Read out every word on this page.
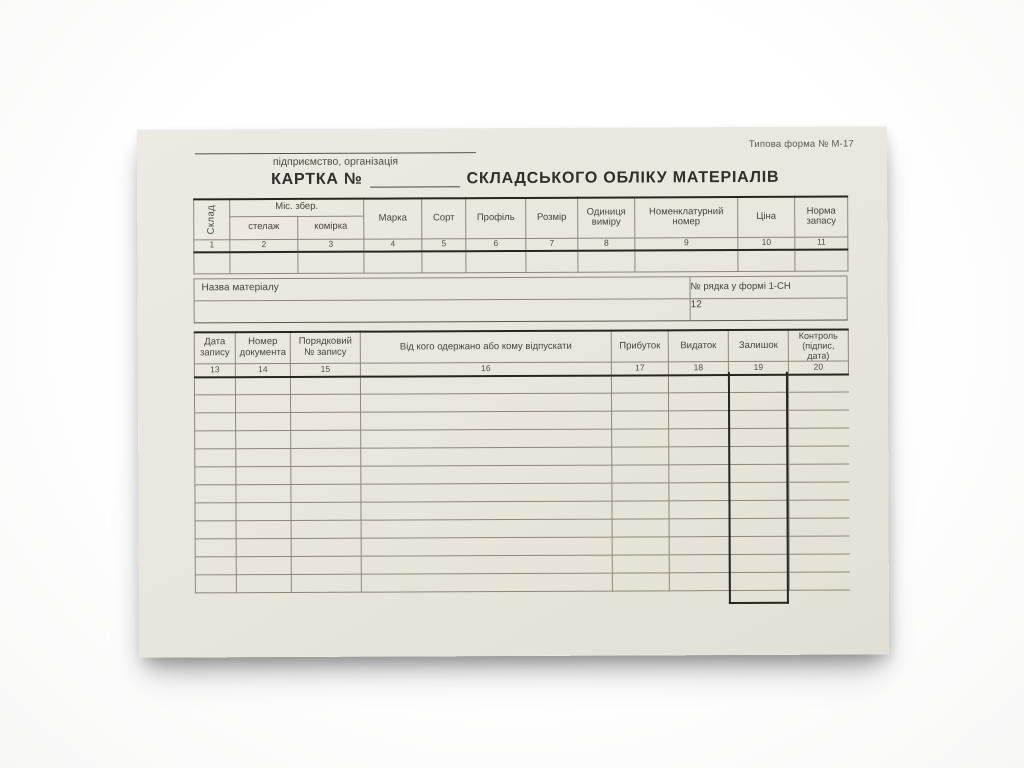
Типова форма № М-17
підприємство, організація
КАРТКА №	СКЛАДСЬКОГО ОБЛІКУ МАТЕРІАЛІВ
Склад	Міс. збер.		Марка	Сорт	Профіль	Розмір	Одиниця виміру	Номенклатурний номер	Ціна	Норма запасу
	стелаж	комірка								
1	2	3	4	5	6	7	8	9	10	11

Назва матеріалу	№ рядка у формі 1-СН
12
Дата запису	Номер документа	Порядковий № запису	Від кого одержано або кому відпускати	Прибуток	Видаток	Залишок	Контроль (підпис, дата)
13	14	15	16	17	18	19	20
